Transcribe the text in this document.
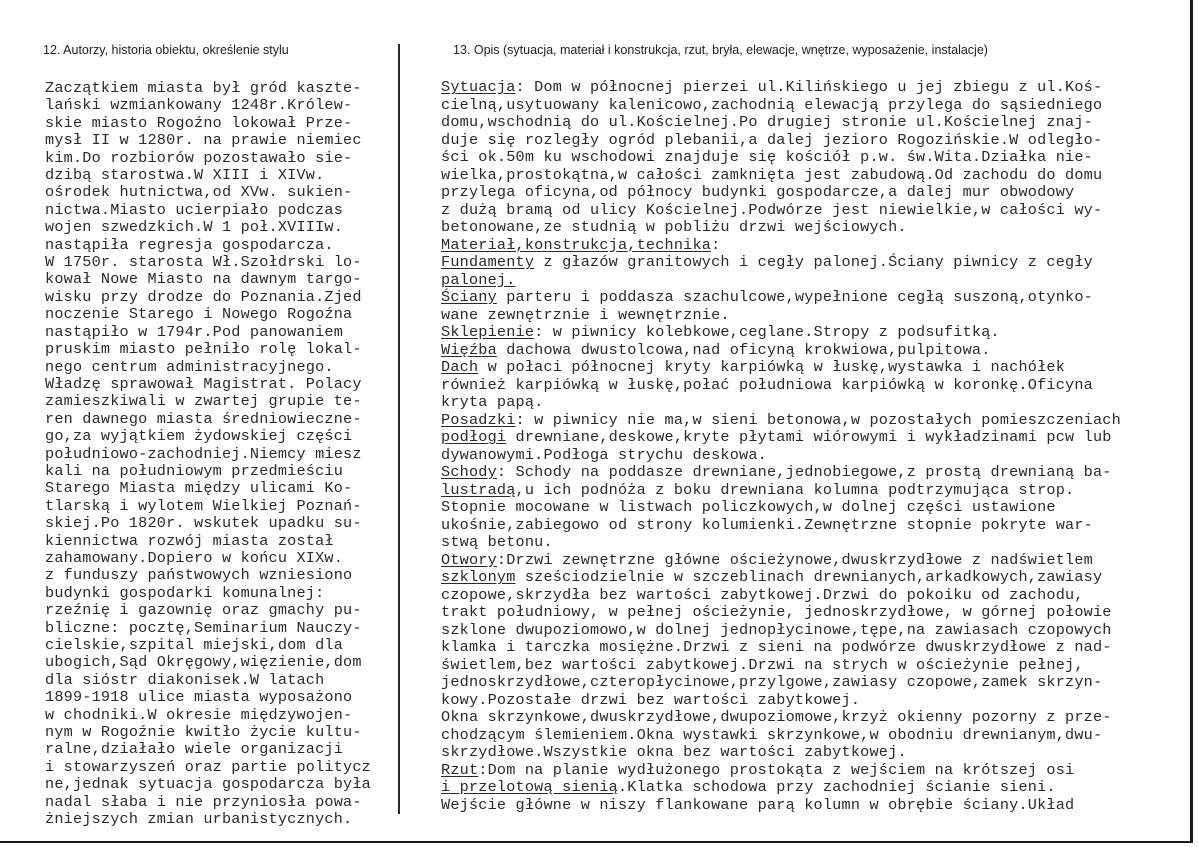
12. Autorzy, historia obiektu, określenie stylu	13. Opis (sytuacja, materiał i konstrukcja, rzut, bryła, elewacje, wnętrze, wyposażenie, instalacje)
Zaczątkiem miasta był gród kaszte-
lański wzmiankowany 1248r.Królew-
skie miasto Rogoźno lokował Prze-
mysł II w 1280r. na prawie niemiec
kim.Do rozbiorów pozostawało sie-
dzibą starostwa.W XIII i XIVw.
ośrodek hutnictwa,od XVw. sukien-
nictwa.Miasto ucierpiało podczas
wojen szwedzkich.W 1 poł.XVIIIw.
nastąpiła regresja gospodarcza.
W 1750r. starosta Wł.Szołdrski lo-
kował Nowe Miasto na dawnym targo-
wisku przy drodze do Poznania.Zjed
noczenie Starego i Nowego Rogoźna
nastąpiło w 1794r.Pod panowaniem
pruskim miasto pełniło rolę lokal-
nego centrum administracyjnego.
Władzę sprawował Magistrat. Polacy
zamieszkiwali w zwartej grupie te-
ren dawnego miasta średniowieczne-
go,za wyjątkiem żydowskiej części
południowo-zachodniej.Niemcy miesz
kali na południowym przedmieściu
Starego Miasta między ulicami Ko-
tlarską i wylotem Wielkiej Poznań-
skiej.Po 1820r. wskutek upadku su-
kiennictwa rozwój miasta został
zahamowany.Dopiero w końcu XIXw.
z funduszy państwowych wzniesiono
budynki gospodarki komunalnej:
rzeźnię i gazownię oraz gmachy pu-
bliczne: pocztę,Seminarium Nauczy-
cielskie,szpital miejski,dom dla
ubogich,Sąd Okręgowy,więzienie,dom
dla sióstr diakonisek.W latach
1899-1918 ulice miasta wyposażono
w chodniki.W okresie międzywojen-
nym w Rogoźnie kwitło życie kultu-
ralne,działało wiele organizacji
i stowarzyszeń oraz partie politycz
ne,jednak sytuacja gospodarcza była
nadal słaba i nie przyniosła powa-
żniejszych zmian urbanistycznych.
Sytuacja: Dom w północnej pierzei ul.Kilińskiego u jej zbiegu z ul.Koś-
cielną,usytuowany kalenicowo,zachodnią elewacją przylega do sąsiedniego
domu,wschodnią do ul.Kościelnej.Po drugiej stronie ul.Kościelnej znaj-
duje się rozległy ogród plebanii,a dalej jezioro Rogozińskie.W odległo-
ści ok.50m ku wschodowi znajduje się kościół p.w. św.Wita.Działka nie-
wielka,prostokątna,w całości zamknięta jest zabudową.Od zachodu do domu
przylega oficyna,od północy budynki gospodarcze,a dalej mur obwodowy
z dużą bramą od ulicy Kościelnej.Podwórze jest niewielkie,w całości wy-
betonowane,ze studnią w pobliżu drzwi wejściowych.
Materiał,konstrukcja,technika:
Fundamenty z głazów granitowych i cegły palonej.Ściany piwnicy z cegły
palonej.
Ściany parteru i poddasza szachulcowe,wypełnione cegłą suszoną,otynko-
wane zewnętrznie i wewnętrznie.
Sklepienie: w piwnicy kolebkowe,ceglane.Stropy z podsufitką.
Więźba dachowa dwustolcowa,nad oficyną krokwiowa,pulpitowa.
Dach w połaci północnej kryty karpiówką w łuskę,wystawka i nachółek
również karpiówką w łuskę,połać południowa karpiówką w koronkę.Oficyna
kryta papą.
Posadzki: w piwnicy nie ma,w sieni betonowa,w pozostałych pomieszczeniach
podłogi drewniane,deskowe,kryte płytami wiórowymi i wykładzinami pcw lub
dywanowymi.Podłoga strychu deskowa.
Schody: Schody na poddasze drewniane,jednobiegowe,z prostą drewnianą ba-
lustradą,u ich podnóża z boku drewniana kolumna podtrzymująca strop.
Stopnie mocowane w listwach policzkowych,w dolnej części ustawione
ukośnie,zabiegowo od strony kolumienki.Zewnętrzne stopnie pokryte war-
stwą betonu.
Otwory:Drzwi zewnętrzne główne ościeżynowe,dwuskrzydłowe z nadświetlem
szklonym sześciodzielnie w szczeblinach drewnianych,arkadkowych,zawiasy
czopowe,skrzydła bez wartości zabytkowej.Drzwi do pokoiku od zachodu,
trakt południowy, w pełnej ościeżynie, jednoskrzydłowe, w górnej połowie
szklone dwupoziomowo,w dolnej jednopłycinowe,tępe,na zawiasach czopowych
klamka i tarczka mosiężne.Drzwi z sieni na podwórze dwuskrzydłowe z nad-
świetlem,bez wartości zabytkowej.Drzwi na strych w ościeżynie pełnej,
jednoskrzydłowe,czteropłycinowe,przylgowe,zawiasy czopowe,zamek skrzyn-
kowy.Pozostałe drzwi bez wartości zabytkowej.
Okna skrzynkowe,dwuskrzydłowe,dwupoziomowe,krzyż okienny pozorny z prze-
chodzącym ślemieniem.Okna wystawki skrzynkowe,w obodniu drewnianym,dwu-
skrzydłowe.Wszystkie okna bez wartości zabytkowej.
Rzut:Dom na planie wydłużonego prostokąta z wejściem na krótszej osi
i przelotową sienią.Klatka schodowa przy zachodniej ścianie sieni.
Wejście główne w niszy flankowane parą kolumn w obrębie ściany.Układ
